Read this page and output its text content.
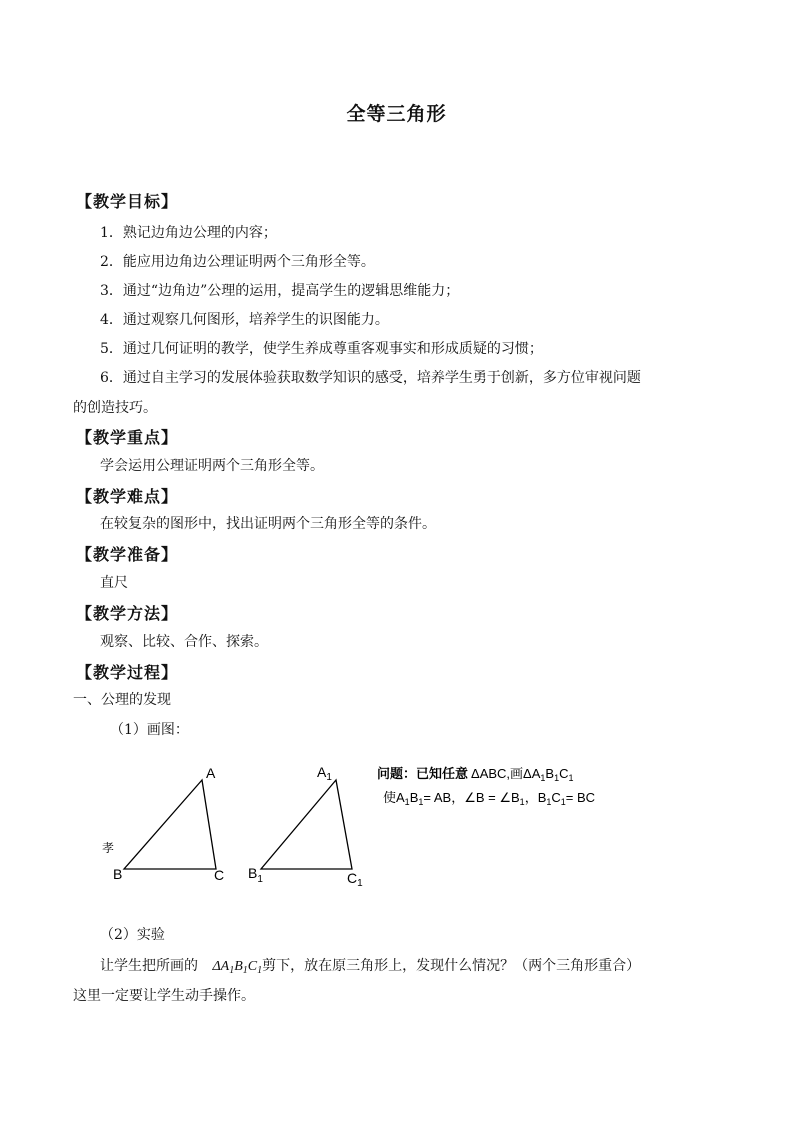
全等三角形
【教学目标】
1．熟记边角边公理的内容；
2．能应用边角边公理证明两个三角形全等。
3．通过“边角边”公理的运用，提高学生的逻辑思维能力；
4．通过观察几何图形，培养学生的识图能力。
5．通过几何证明的教学，使学生养成尊重客观事实和形成质疑的习惯；
6．通过自主学习的发展体验获取数学知识的感受，培养学生勇于创新，多方位审视问题
的创造技巧。
【教学重点】
学会运用公理证明两个三角形全等。
【教学难点】
在较复杂的图形中，找出证明两个三角形全等的条件。
【教学准备】
直尺
【教学方法】
观察、比较、合作、探索。
【教学过程】
一、公理的发现
（1）画图：
A
B	C
孝
$A_1$
$B_1$	$C_1$
问题：已知任意 ΔABC,画$\Delta A_1B_1C_1$
使$A_1B_1=$ AB，∠B = $\angle B_1$，$B_1C_1=$ BC
（2）实验
让学生把所画的 $\Delta A_1B_1C_1$剪下，放在原三角形上，发现什么情况？（两个三角形重合）
这里一定要让学生动手操作。
